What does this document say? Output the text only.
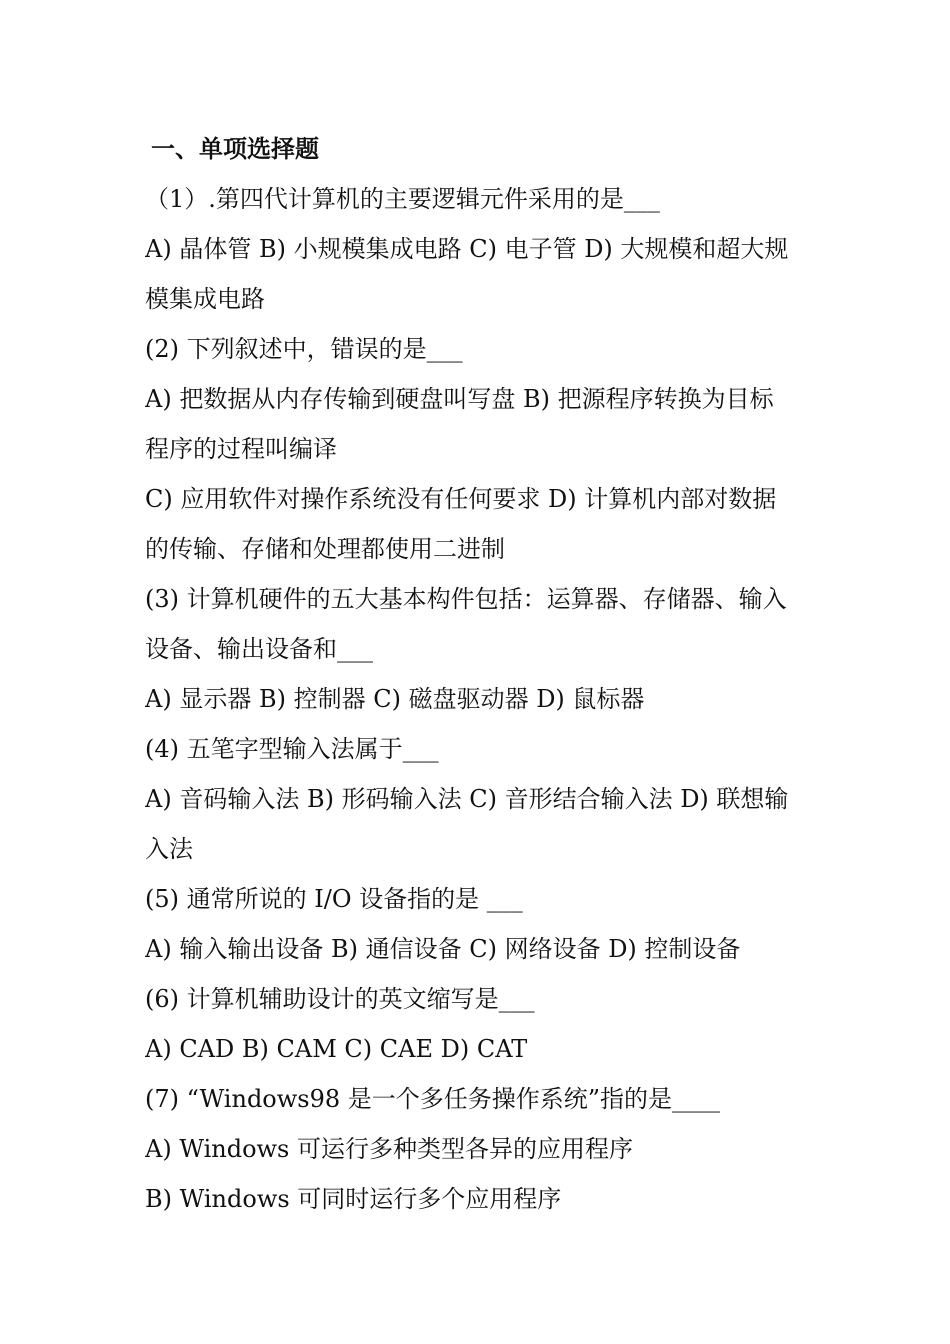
一、单项选择题
（1）.第四代计算机的主要逻辑元件采用的是___
A) 晶体管 B) 小规模集成电路 C) 电子管 D) 大规模和超大规
模集成电路
(2) 下列叙述中，错误的是___
A) 把数据从内存传输到硬盘叫写盘 B) 把源程序转换为目标
程序的过程叫编译
C) 应用软件对操作系统没有任何要求 D) 计算机内部对数据
的传输、存储和处理都使用二进制
(3) 计算机硬件的五大基本构件包括：运算器、存储器、输入
设备、输出设备和___
A) 显示器 B) 控制器 C) 磁盘驱动器 D) 鼠标器
(4) 五笔字型输入法属于___
A) 音码输入法 B) 形码输入法 C) 音形结合输入法 D) 联想输
入法
(5) 通常所说的 I/O 设备指的是 ___
A) 输入输出设备 B) 通信设备 C) 网络设备 D) 控制设备
(6) 计算机辅助设计的英文缩写是___
A) CAD B) CAM C) CAE D) CAT
(7) “Windows98 是一个多任务操作系统”指的是____
A) Windows 可运行多种类型各异的应用程序
B) Windows 可同时运行多个应用程序
